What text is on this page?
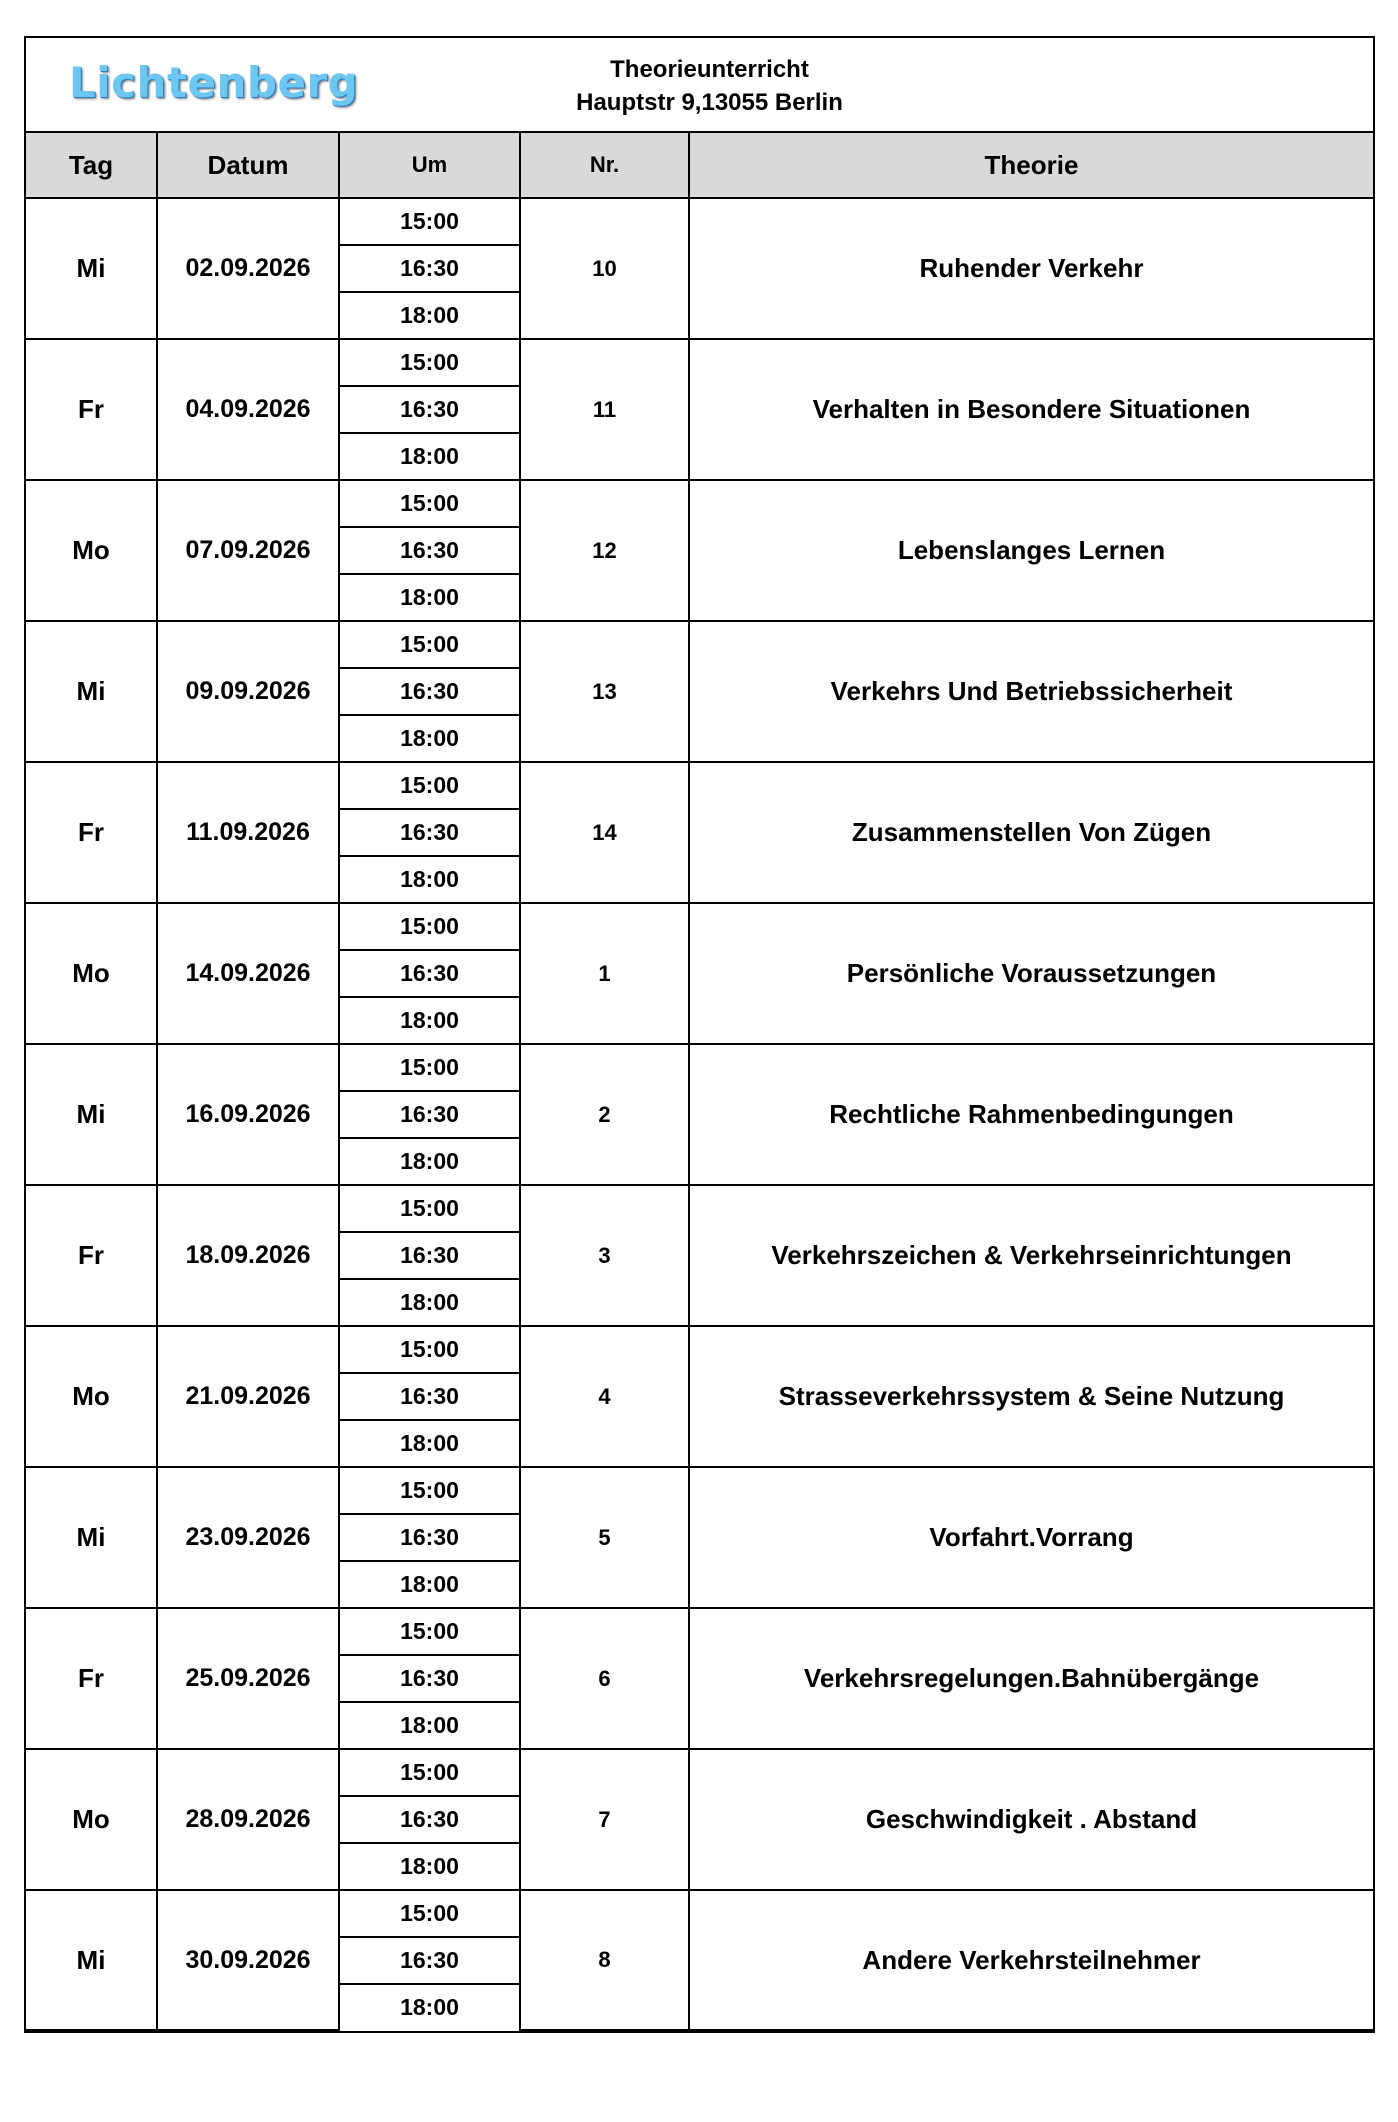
Lichtenberg	Theorieunterricht
Hauptstr 9,13055 Berlin
Tag	Datum	Um	Nr.	Theorie
Mi	02.09.2026	15:00	10	Ruhender Verkehr
		16:30		
		18:00		
Fr	04.09.2026	15:00	11	Verhalten in Besondere Situationen
		16:30		
		18:00		
Mo	07.09.2026	15:00	12	Lebenslanges Lernen
		16:30		
		18:00		
Mi	09.09.2026	15:00	13	Verkehrs Und Betriebssicherheit
		16:30		
		18:00		
Fr	11.09.2026	15:00	14	Zusammenstellen Von Zügen
		16:30		
		18:00		
Mo	14.09.2026	15:00	1	Persönliche Voraussetzungen
		16:30		
		18:00		
Mi	16.09.2026	15:00	2	Rechtliche Rahmenbedingungen
		16:30		
		18:00		
Fr	18.09.2026	15:00	3	Verkehrszeichen & Verkehrseinrichtungen
		16:30		
		18:00		
Mo	21.09.2026	15:00	4	Strasseverkehrssystem & Seine Nutzung
		16:30		
		18:00		
Mi	23.09.2026	15:00	5	Vorfahrt.Vorrang
		16:30		
		18:00		
Fr	25.09.2026	15:00	6	Verkehrsregelungen.Bahnübergänge
		16:30		
		18:00		
Mo	28.09.2026	15:00	7	Geschwindigkeit . Abstand
		16:30		
		18:00		
Mi	30.09.2026	15:00	8	Andere Verkehrsteilnehmer
		16:30		
		18:00		
